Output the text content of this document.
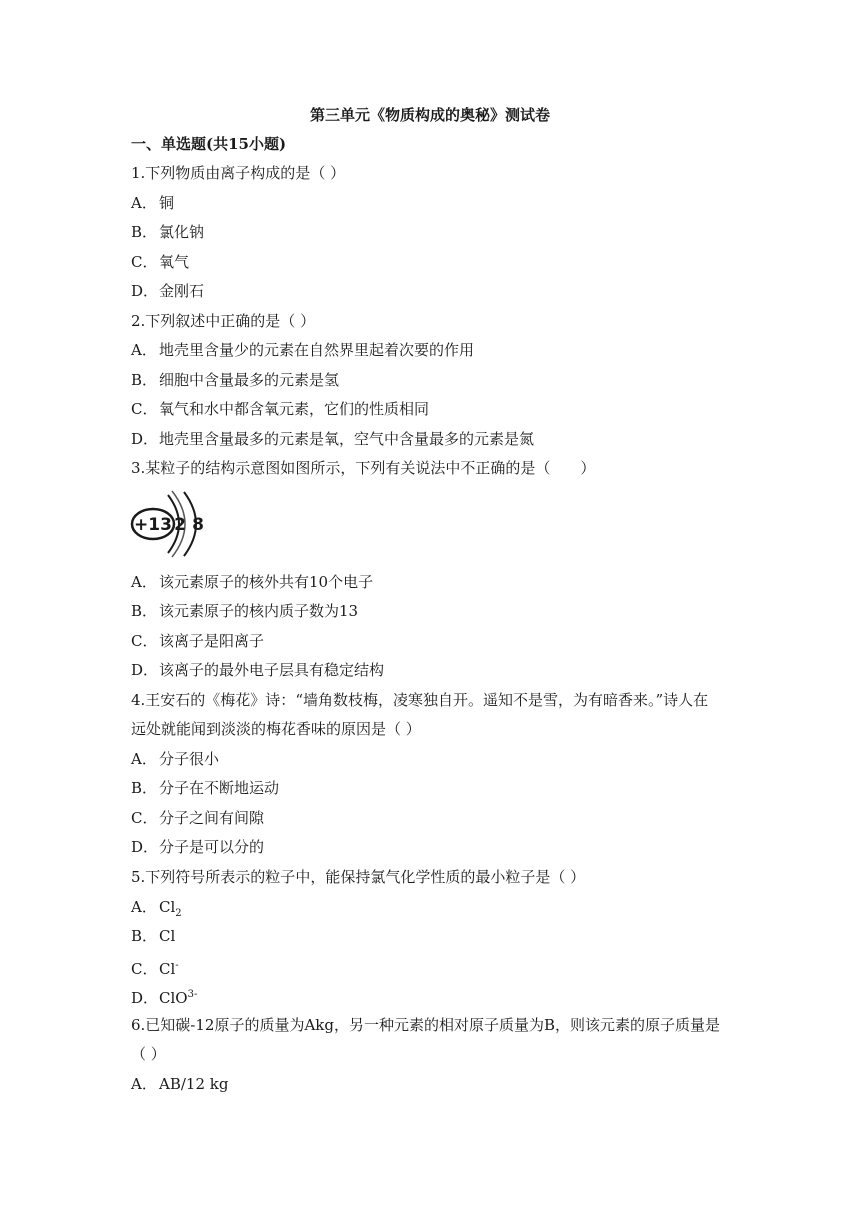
第三单元《物质构成的奥秘》测试卷
一、单选题(共15小题)
1.下列物质由离子构成的是（ ）
A． 铜
B． 氯化钠
C． 氧气
D．金刚石
2.下列叙述中正确的是（ ）
A． 地壳里含量少的元素在自然界里起着次要的作用
B． 细胞中含量最多的元素是氢
C． 氧气和水中都含氧元素，它们的性质相同
D．地壳里含量最多的元素是氧，空气中含量最多的元素是氮
3.某粒子的结构示意图如图所示，下列有关说法中不正确的是（　　）
+13 2 8
A． 该元素原子的核外共有10个电子
B． 该元素原子的核内质子数为13
C． 该离子是阳离子
D．该离子的最外电子层具有稳定结构
4.王安石的《梅花》诗：“墙角数枝梅，凌寒独自开。遥知不是雪，为有暗香来。”诗人在
远处就能闻到淡淡的梅花香味的原因是（ ）
A． 分子很小
B． 分子在不断地运动
C． 分子之间有间隙
D．分子是可以分的
5.下列符号所表示的粒子中，能保持氯气化学性质的最小粒子是（ ）
A． $Cl_2$
B． Cl
C． Cl-
D．ClO$^{3-}$
6.已知碳-12原子的质量为Akg，另一种元素的相对原子质量为B，则该元素的原子质量是
（ ）
A． AB/12 kg
